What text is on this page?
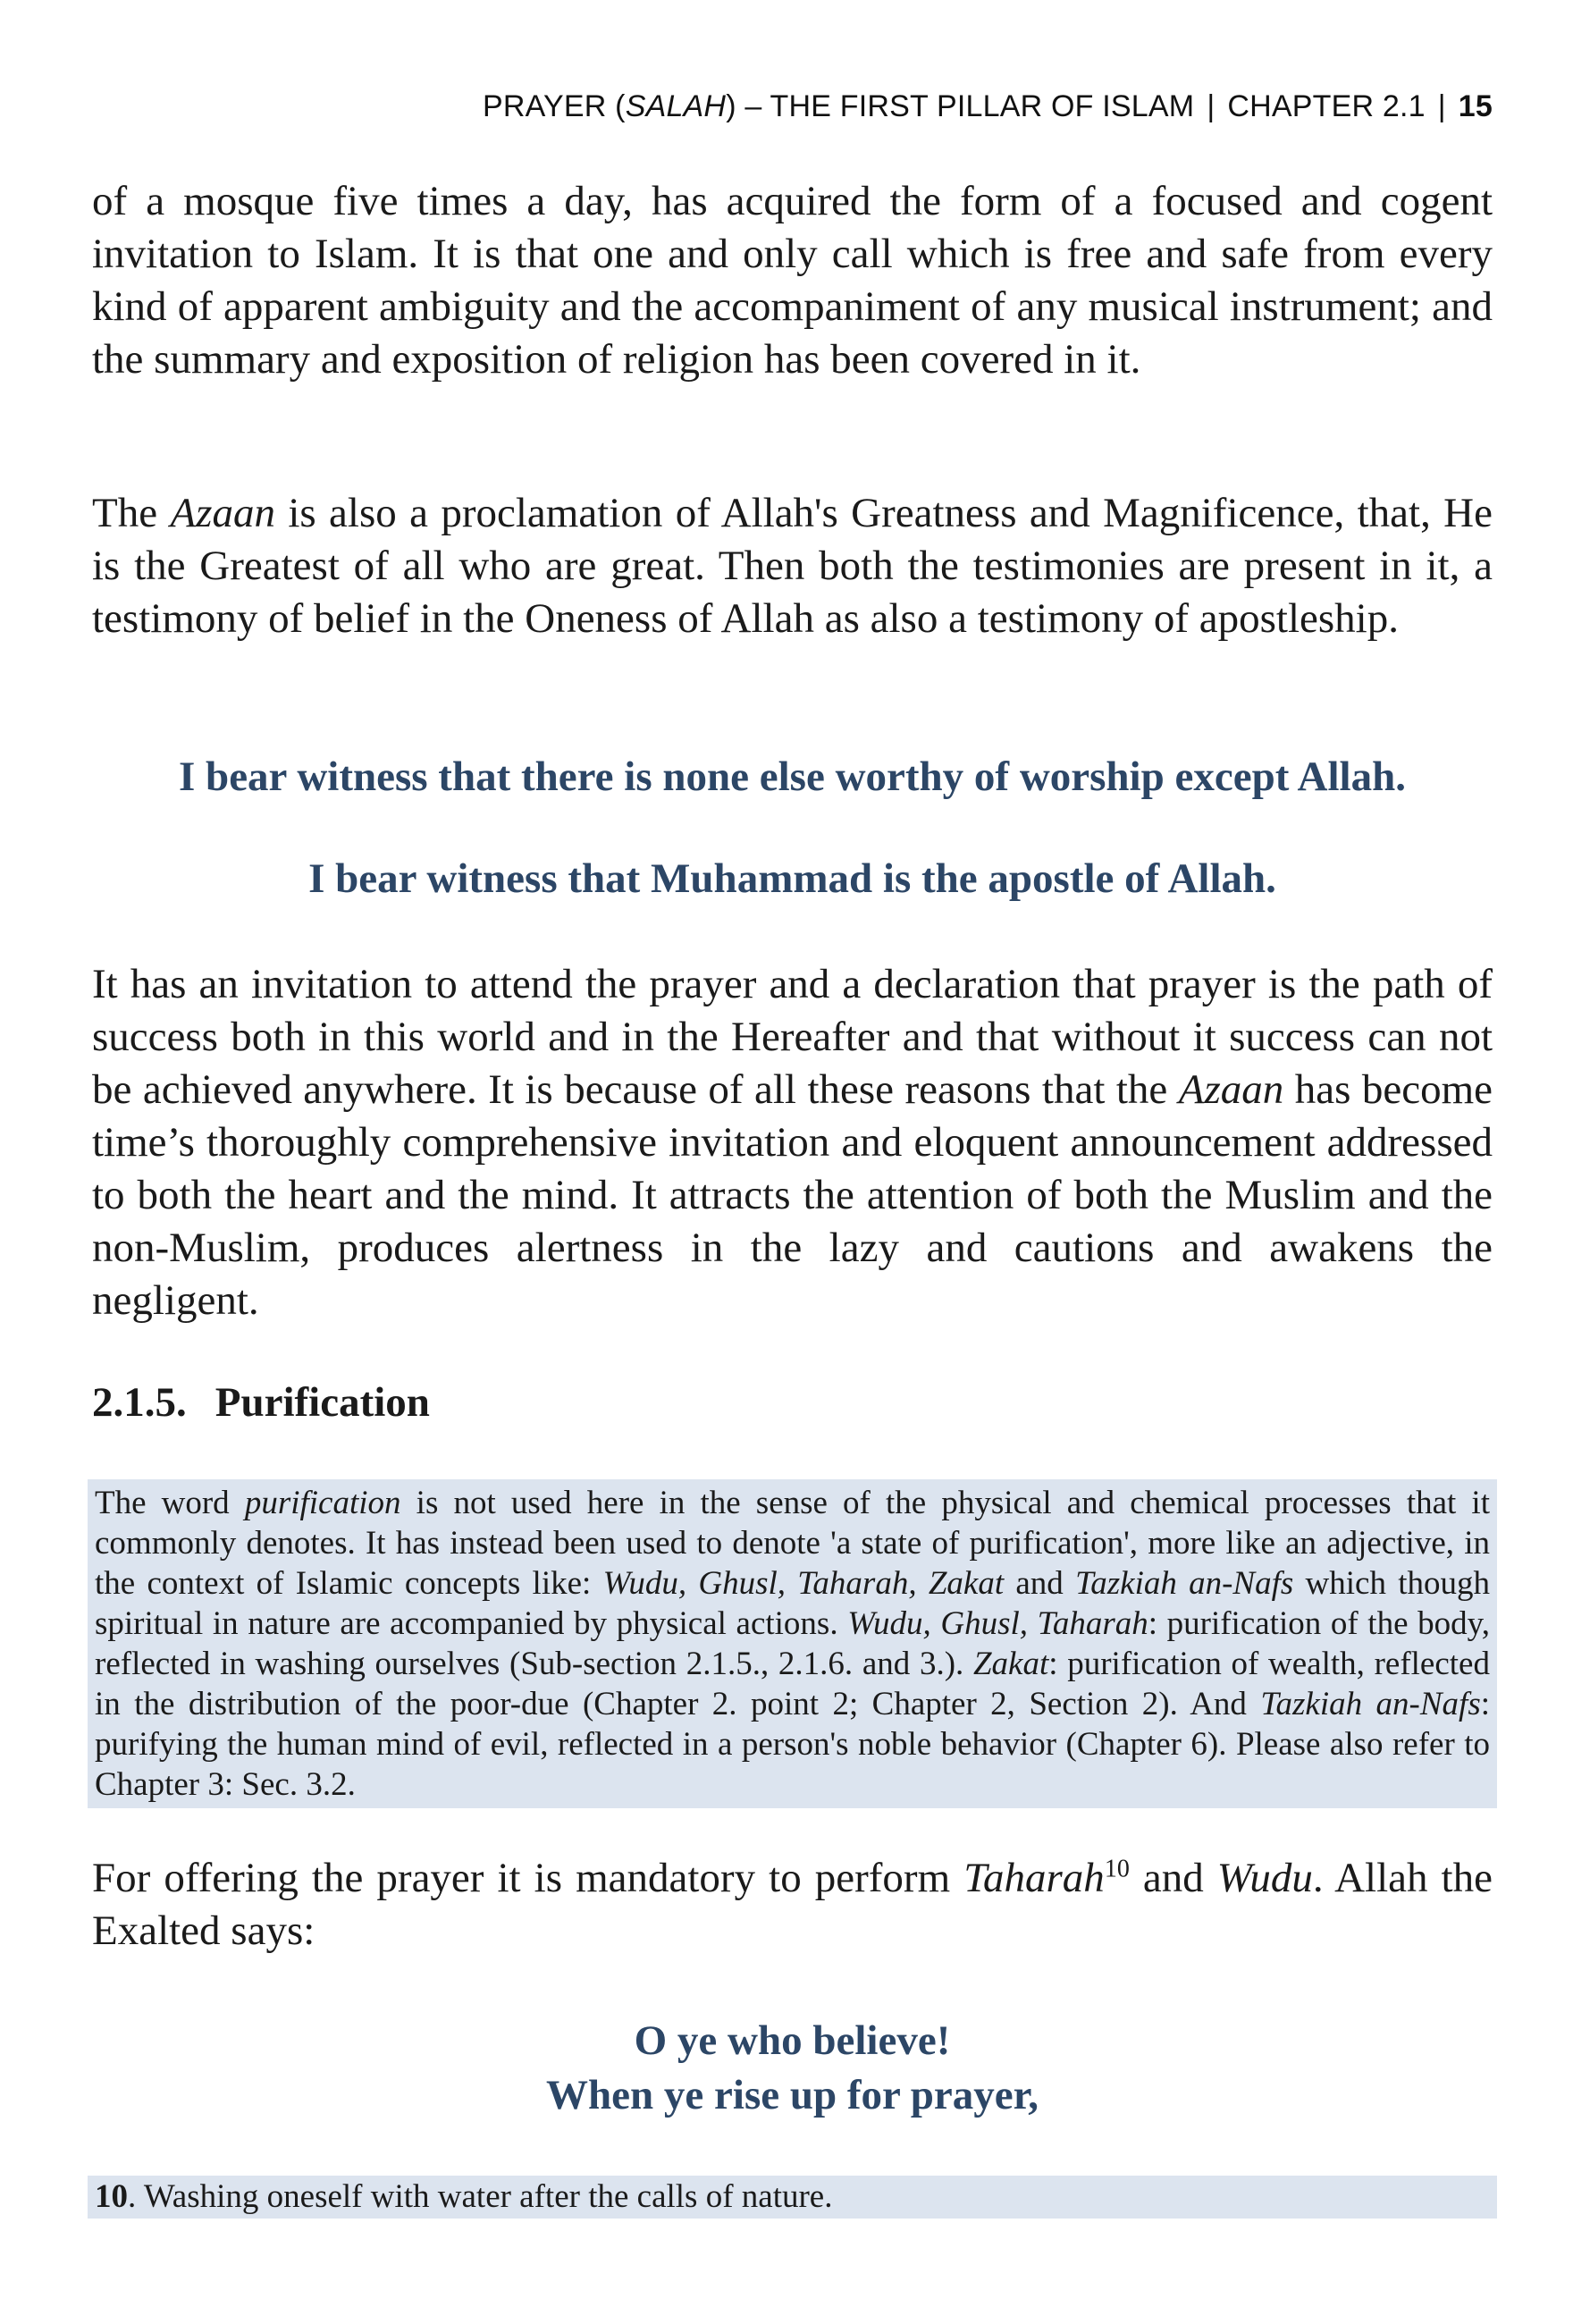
PRAYER (SALAH) – THE FIRST PILLAR OF ISLAM | CHAPTER 2.1 | 15

of a mosque five times a day, has acquired the form of a focused and cogent invitation to Islam. It is that one and only call which is free and safe from every kind of apparent ambiguity and the accompaniment of any musical instrument; and the summary and exposition of religion has been covered in it.

The Azaan is also a proclamation of Allah's Greatness and Magnificence, that, He is the Greatest of all who are great. Then both the testimonies are present in it, a testimony of belief in the Oneness of Allah as also a testimony of apostleship.

I bear witness that there is none else worthy of worship except Allah.

I bear witness that Muhammad is the apostle of Allah.

It has an invitation to attend the prayer and a declaration that prayer is the path of success both in this world and in the Hereafter and that without it success can not be achieved anywhere. It is because of all these reasons that the Azaan has become time’s thoroughly comprehensive invitation and eloquent announcement addressed to both the heart and the mind. It attracts the attention of both the Muslim and the non-Muslim, produces alertness in the lazy and cautions and awakens the negligent.

2.1.5. Purification

The word purification is not used here in the sense of the physical and chemical processes that it commonly denotes. It has instead been used to denote 'a state of purification', more like an adjective, in the context of Islamic concepts like: Wudu, Ghusl, Taharah, Zakat and Tazkiah an-Nafs which though spiritual in nature are accompanied by physical actions. Wudu, Ghusl, Taharah: purification of the body, reflected in washing ourselves (Sub-section 2.1.5., 2.1.6. and 3.). Zakat: purification of wealth, reflected in the distribution of the poor-due (Chapter 2. point 2; Chapter 2, Section 2). And Tazkiah an-Nafs: purifying the human mind of evil, reflected in a person's noble behavior (Chapter 6). Please also refer to Chapter 3: Sec. 3.2.

For offering the prayer it is mandatory to perform Taharah$^{10}$ and Wudu. Allah the Exalted says:

O ye who believe!

When ye rise up for prayer,

10. Washing oneself with water after the calls of nature.
